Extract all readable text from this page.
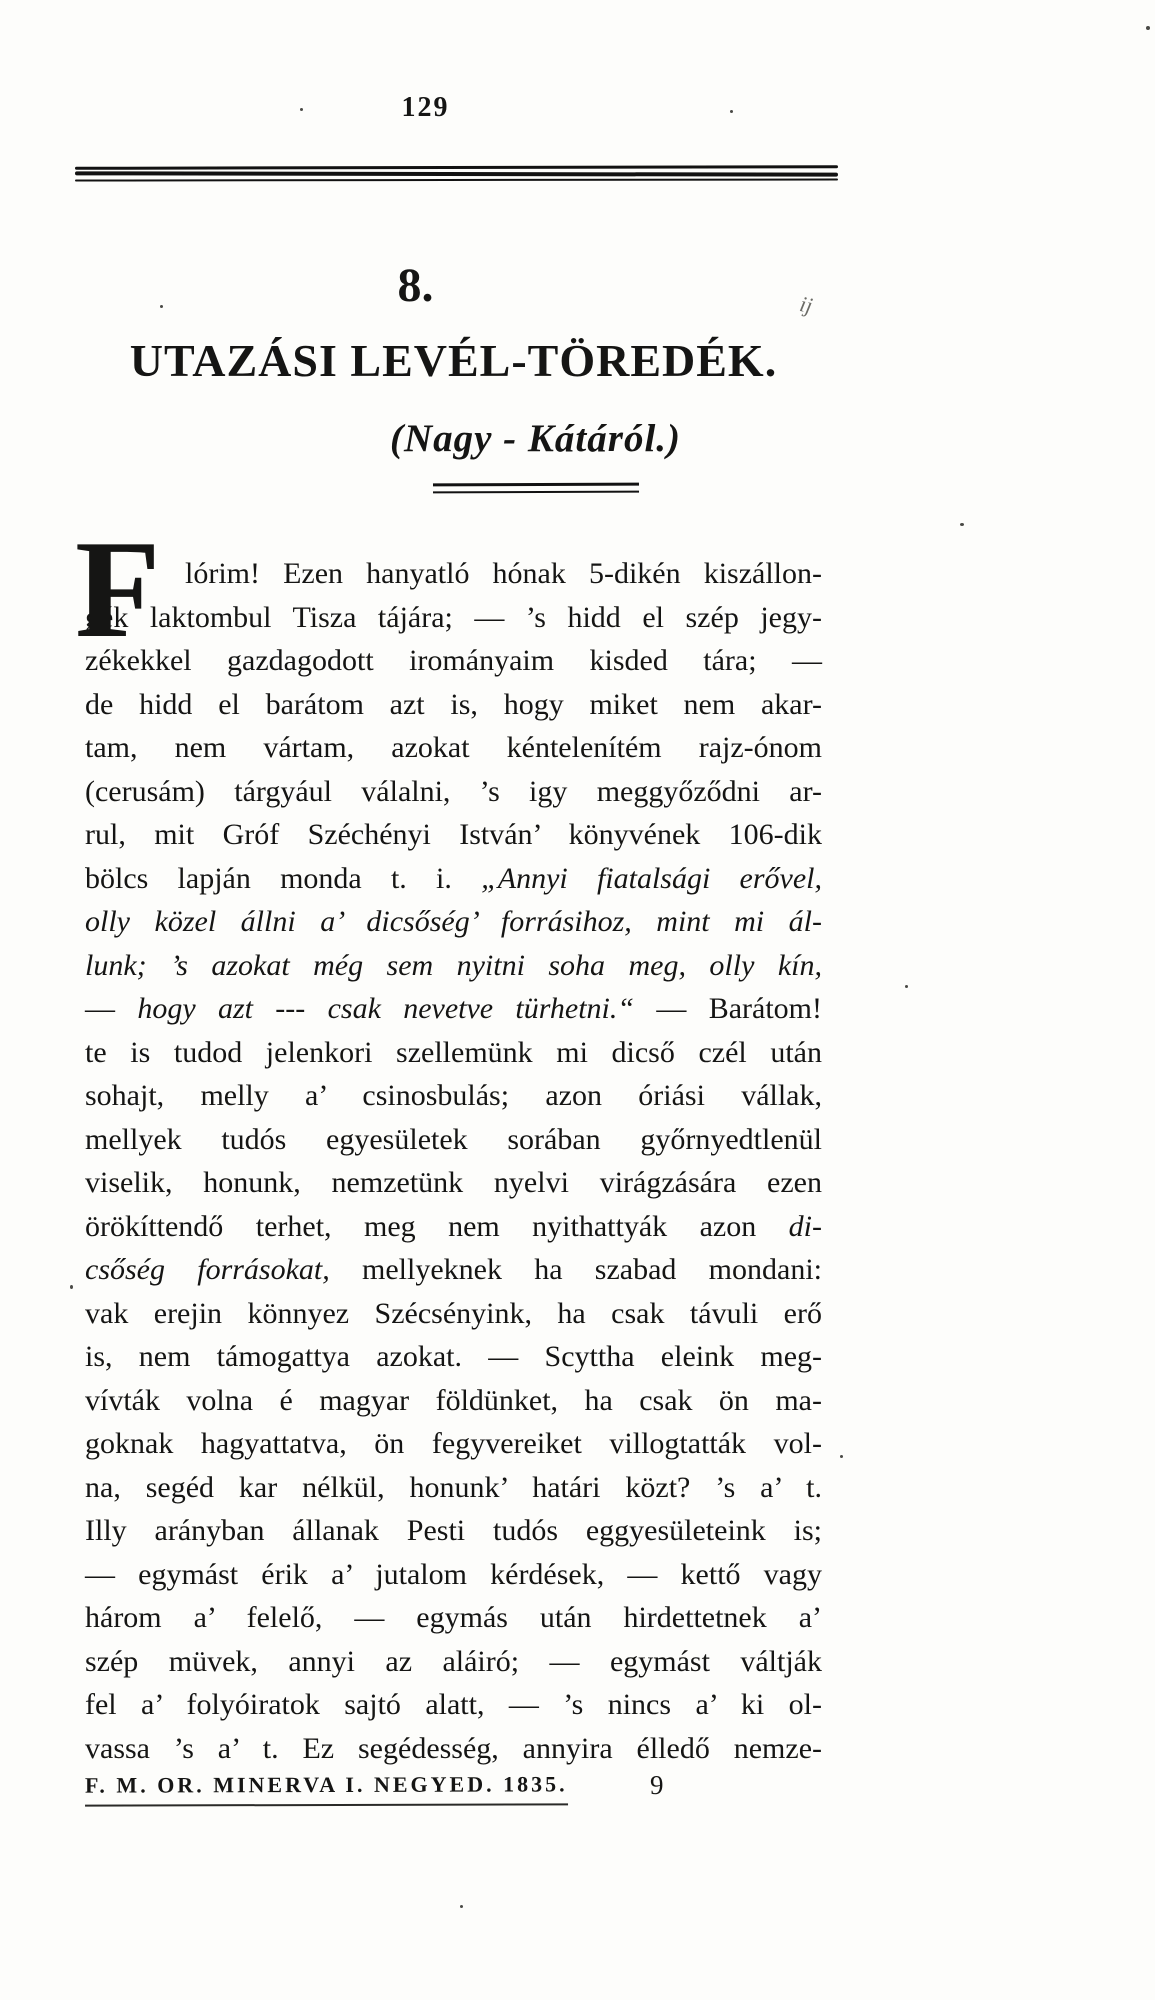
129
8.
UTAZÁSI LEVÉL-TÖREDÉK.
(Nagy - Kátáról.)
F lórim! Ezen hanyatló hónak 5-dikén kiszállon-
gék laktombul Tisza tájára; — ’s hidd el szép jegy-
zékekkel gazdagodott irományaim kisded tára; —
de hidd el barátom azt is, hogy miket nem akar-
tam, nem vártam, azokat kéntelenítém rajz-ónom
(cerusám) tárgyául válalni, ’s igy meggyőződni ar-
rul, mit Gróf Széchényi István’ könyvének 106-dik
bölcs lapján monda t. i. „Annyi fiatalsági erővel,
olly közel állni a’ dicsőség’ forrásihoz, mint mi ál-
lunk; ’s azokat még sem nyitni soha meg, olly kín,
— hogy azt --- csak nevetve türhetni.“ — Barátom!
te is tudod jelenkori szellemünk mi dicső czél után
sohajt, melly a’ csinosbulás; azon óriási vállak,
mellyek tudós egyesületek sorában győrnyedtlenül
viselik, honunk, nemzetünk nyelvi virágzására ezen
örökíttendő terhet, meg nem nyithattyák azon di-
csőség forrásokat, mellyeknek ha szabad mondani:
vak erejin könnyez Szécsényink, ha csak távuli erő
is, nem támogattya azokat. — Scyttha eleink meg-
vívták volna é magyar földünket, ha csak ön ma-
goknak hagyattatva, ön fegyvereiket villogtatták vol-
na, segéd kar nélkül, honunk’ határi közt? ’s a’ t.
Illy arányban állanak Pesti tudós eggyesületeink is;
— egymást érik a’ jutalom kérdések, — kettő vagy
három a’ felelő, — egymás után hirdettetnek a’
szép müvek, annyi az aláiró; — egymást váltják
fel a’ folyóiratok sajtó alatt, — ’s nincs a’ ki ol-
vassa ’s a’ t. Ez segédesség, annyira élledő nemze-
F. M. OR. MINERVA I. NEGYED. 1835.	9
ij
